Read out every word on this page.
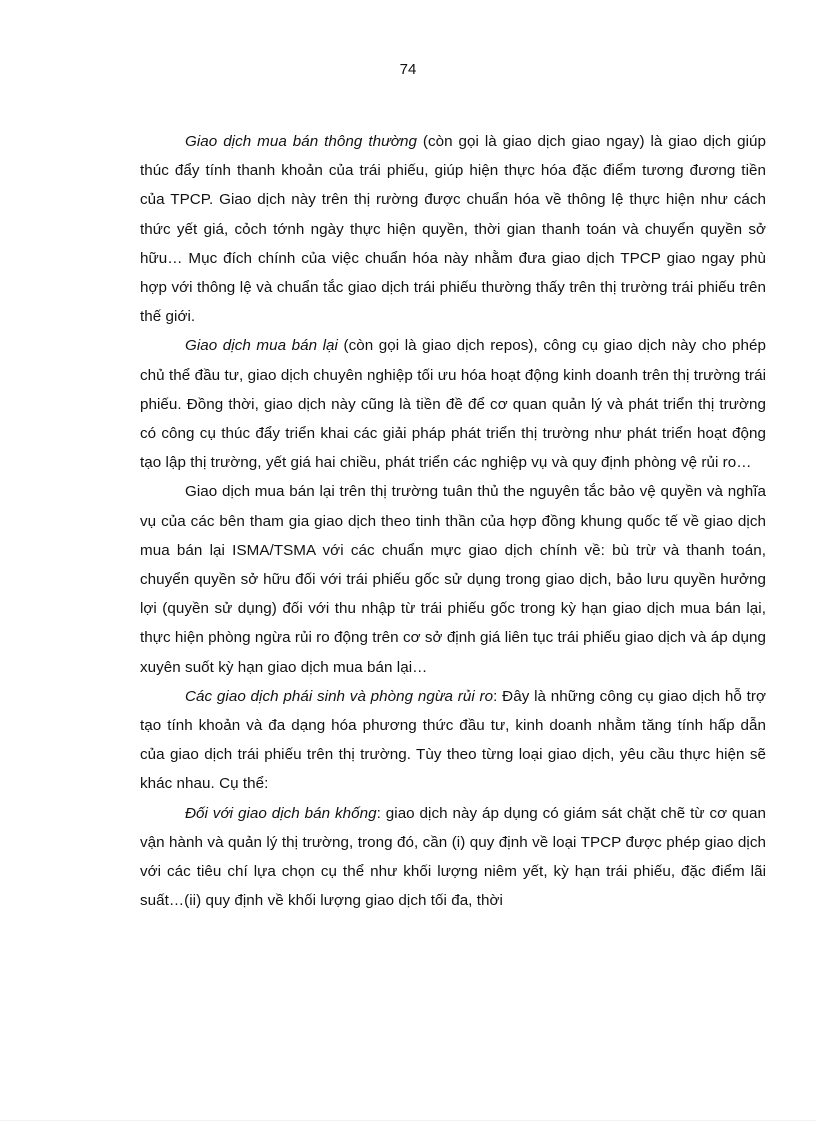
74

Giao dịch mua bán thông thường (còn gọi là giao dịch giao ngay) là giao dịch giúp thúc đẩy tính thanh khoản của trái phiếu, giúp hiện thực hóa đặc điểm tương đương tiền của TPCP. Giao dịch này trên thị rường được chuẩn hóa về thông lệ thực hiện như cách thức yết giá, cỏch tớnh ngày thực hiện quyền, thời gian thanh toán và chuyển quyền sở hữu… Mục đích chính của việc chuẩn hóa này nhằm đưa giao dịch TPCP giao ngay phù hợp với thông lệ và chuẩn tắc giao dịch trái phiếu thường thấy trên thị trường trái phiếu trên thế giới.

Giao dịch mua bán lại (còn gọi là giao dịch repos), công cụ giao dịch này cho phép chủ thể đầu tư, giao dịch chuyên nghiệp tối ưu hóa hoạt động kinh doanh trên thị trường trái phiếu. Đồng thời, giao dịch này cũng là tiền đề để cơ quan quản lý và phát triển thị trường có công cụ thúc đẩy triển khai các giải pháp phát triển thị trường như phát triển hoạt động tạo lập thị trường, yết giá hai chiều, phát triển các nghiệp vụ và quy định phòng vệ rủi ro…

Giao dịch mua bán lại trên thị trường tuân thủ the nguyên tắc bảo vệ quyền và nghĩa vụ của các bên tham gia giao dịch theo tinh thần của hợp đồng khung quốc tế về giao dịch mua bán lại ISMA/TSMA với các chuẩn mực giao dịch chính về: bù trừ và thanh toán, chuyển quyền sở hữu đối với trái phiếu gốc sử dụng trong giao dịch, bảo lưu quyền hưởng lợi (quyền sử dụng) đối với thu nhập từ trái phiếu gốc trong kỳ hạn giao dịch mua bán lại, thực hiện phòng ngừa rủi ro động trên cơ sở định giá liên tục trái phiếu giao dịch và áp dụng xuyên suốt kỳ hạn giao dịch mua bán lại…

Các giao dịch phái sinh và phòng ngừa rủi ro: Đây là những công cụ giao dịch hỗ trợ tạo tính khoản và đa dạng hóa phương thức đầu tư, kinh doanh nhằm tăng tính hấp dẫn của giao dịch trái phiếu trên thị trường. Tùy theo từng loại giao dịch, yêu cầu thực hiện sẽ khác nhau. Cụ thể:

Đối với giao dịch bán khống: giao dịch này áp dụng có giám sát chặt chẽ từ cơ quan vận hành và quản lý thị trường, trong đó, cần (i) quy định về loại TPCP được phép giao dịch với các tiêu chí lựa chọn cụ thể như khối lượng niêm yết, kỳ hạn trái phiếu, đặc điểm lãi suất…(ii) quy định về khối lượng giao dịch tối đa, thời
